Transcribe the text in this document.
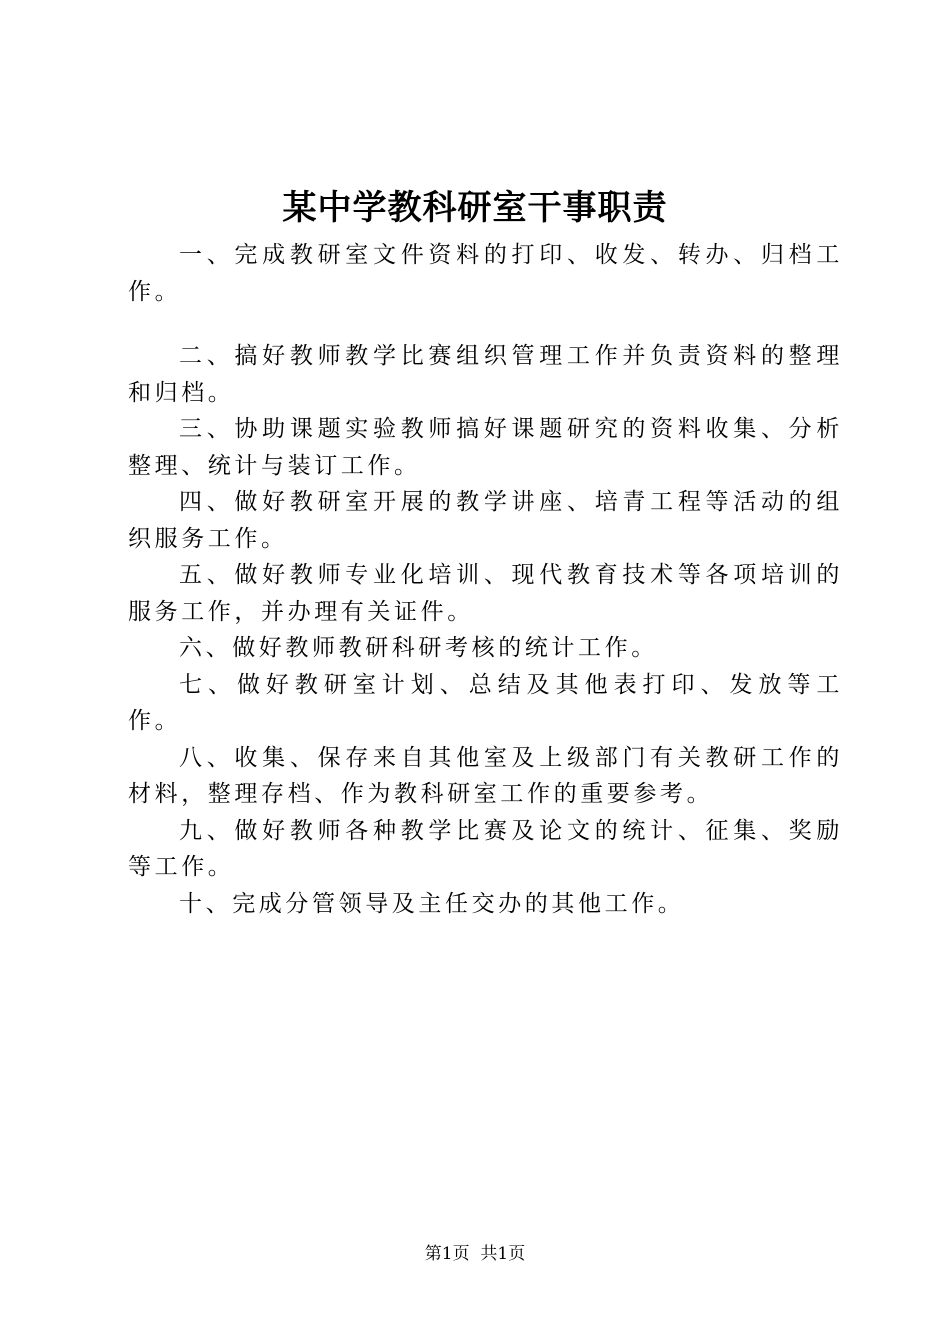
某中学教科研室干事职责

一、完成教研室文件资料的打印、收发、转办、归档工作。

二、搞好教师教学比赛组织管理工作并负责资料的整理和归档。

三、协助课题实验教师搞好课题研究的资料收集、分析整理、统计与装订工作。

四、做好教研室开展的教学讲座、培青工程等活动的组织服务工作。

五、做好教师专业化培训、现代教育技术等各项培训的服务工作，并办理有关证件。

六、做好教师教研科研考核的统计工作。

七、做好教研室计划、总结及其他表打印、发放等工作。

八、收集、保存来自其他室及上级部门有关教研工作的材料，整理存档、作为教科研室工作的重要参考。

九、做好教师各种教学比赛及论文的统计、征集、奖励等工作。

十、完成分管领导及主任交办的其他工作。

第1页  共1页
